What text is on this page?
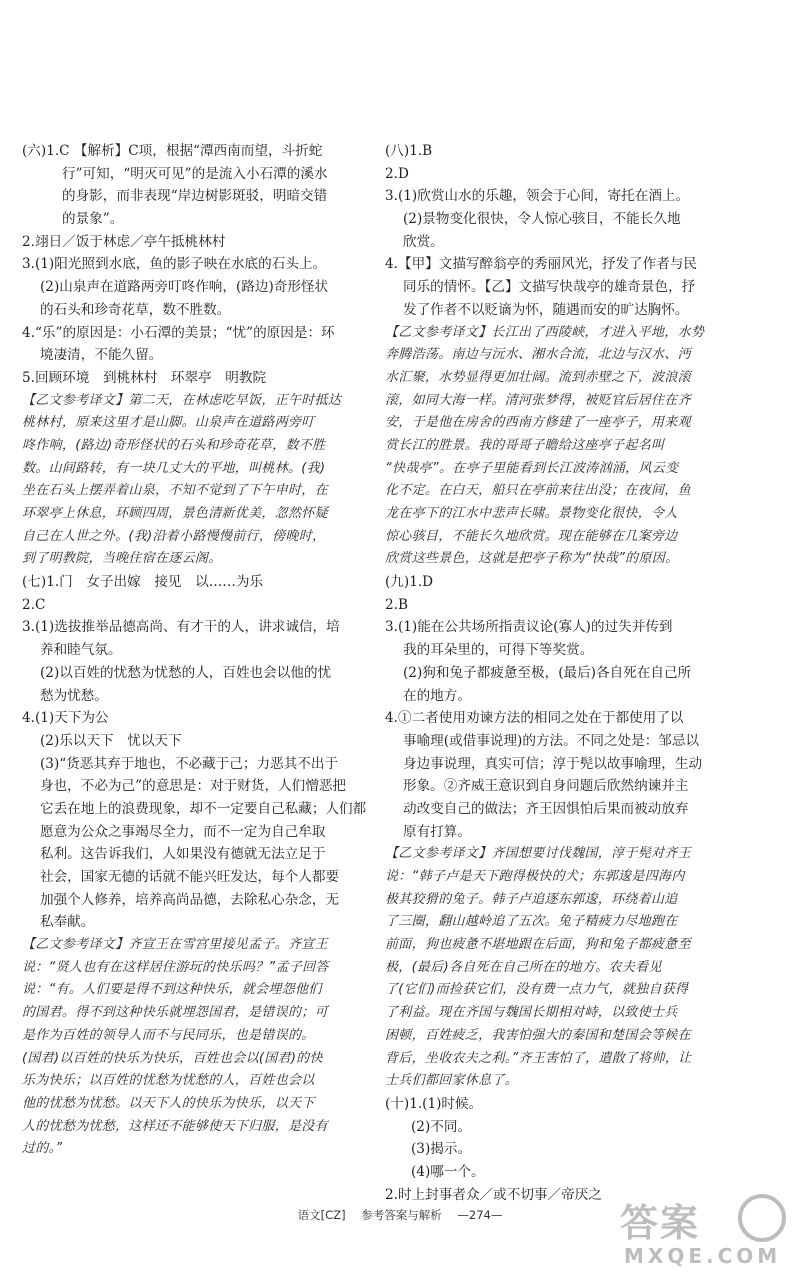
(六)1.C 【解析】C项，根据“潭西南而望，斗折蛇
行”可知，“明灭可见”的是流入小石潭的溪水
的身影，而非表现“岸边树影斑驳，明暗交错
的景象”。
2.翊日／饭于林虑／亭午抵桃林村
3.(1)阳光照到水底，鱼的影子映在水底的石头上。
(2)山泉声在道路两旁叮咚作响，(路边)奇形怪状
的石头和珍奇花草，数不胜数。
4.“乐”的原因是：小石潭的美景；“忧”的原因是：环
境凄清，不能久留。
5.回顾环境　到桃林村　环翠亭　明教院
【乙文参考译文】第二天，在林虑吃早饭，正午时抵达
桃林村，原来这里才是山脚。山泉声在道路两旁叮
咚作响，(路边)奇形怪状的石头和珍奇花草，数不胜
数。山间路转，有一块几丈大的平地，叫桃林。(我)
坐在石头上摆弄着山泉，不知不觉到了下午申时，在
环翠亭上休息，环顾四周，景色清新优美，忽然怀疑
自己在人世之外。(我)沿着小路慢慢前行，傍晚时，
到了明教院，当晚住宿在逐云阁。
(七)1.门　女子出嫁　接见　以……为乐
2.C
3.(1)选拔推举品德高尚、有才干的人，讲求诚信，培
养和睦气氛。
(2)以百姓的忧愁为忧愁的人，百姓也会以他的忧
愁为忧愁。
4.(1)天下为公
(2)乐以天下　忧以天下
(3)“货恶其弃于地也，不必藏于己；力恶其不出于
身也，不必为己”的意思是：对于财货，人们憎恶把
它丢在地上的浪费现象，却不一定要自己私藏；人们都
愿意为公众之事竭尽全力，而不一定为自己牟取
私利。这告诉我们，人如果没有德就无法立足于
社会，国家无德的话就不能兴旺发达，每个人都要
加强个人修养，培养高尚品德，去除私心杂念，无
私奉献。
【乙文参考译文】齐宣王在雪宫里接见孟子。齐宣王
说：“贤人也有在这样居住游玩的快乐吗？”孟子回答
说：“有。人们要是得不到这种快乐，就会埋怨他们
的国君。得不到这种快乐就埋怨国君，是错误的；可
是作为百姓的领导人而不与民同乐，也是错误的。
(国君)以百姓的快乐为快乐，百姓也会以(国君)的快
乐为快乐；以百姓的忧愁为忧愁的人，百姓也会以
他的忧愁为忧愁。以天下人的快乐为快乐，以天下
人的忧愁为忧愁，这样还不能够使天下归服，是没有
过的。”
(八)1.B
2.D
3.(1)欣赏山水的乐趣，领会于心间，寄托在酒上。
(2)景物变化很快，令人惊心骇目，不能长久地
欣赏。
4.【甲】文描写醉翁亭的秀丽风光，抒发了作者与民
同乐的情怀。【乙】文描写快哉亭的雄奇景色，抒
发了作者不以贬谪为怀，随遇而安的旷达胸怀。
【乙文参考译文】长江出了西陵峡，才进入平地，水势
奔腾浩荡。南边与沅水、湘水合流，北边与汉水、沔
水汇聚，水势显得更加壮阔。流到赤壁之下，波浪滚
滚，如同大海一样。清河张梦得，被贬官后居住在齐
安，于是他在房舍的西南方修建了一座亭子，用来观
赏长江的胜景。我的哥哥子瞻给这座亭子起名叫
“快哉亭”。在亭子里能看到长江波涛汹涌，风云变
化不定。在白天，船只在亭前来往出没；在夜间，鱼
龙在亭下的江水中悲声长啸。景物变化很快，令人
惊心骇目，不能长久地欣赏。现在能够在几案旁边
欣赏这些景色，这就是把亭子称为“快哉”的原因。
(九)1.D
2.B
3.(1)能在公共场所指责议论(寡人)的过失并传到
我的耳朵里的，可得下等奖赏。
(2)狗和兔子都疲惫至极，(最后)各自死在自己所
在的地方。
4.①二者使用劝谏方法的相同之处在于都使用了以
事喻理(或借事说理)的方法。不同之处是：邹忌以
身边事说理，真实可信；淳于髡以故事喻理，生动
形象。②齐威王意识到自身问题后欣然纳谏并主
动改变自己的做法；齐王因惧怕后果而被动放弃
原有打算。
【乙文参考译文】齐国想要讨伐魏国，淳于髡对齐王
说：“韩子卢是天下跑得极快的犬；东郭逡是四海内
极其狡猾的兔子。韩子卢追逐东郭逡，环绕着山追
了三圈，翻山越岭追了五次。兔子精疲力尽地跑在
前面，狗也疲惫不堪地跟在后面，狗和兔子都疲惫至
极，(最后)各自死在自己所在的地方。农夫看见
了(它们)而捡获它们，没有费一点力气，就独自获得
了利益。现在齐国与魏国长期相对峙，以致使士兵
困顿，百姓疲乏，我害怕强大的秦国和楚国会等候在
背后，坐收农夫之利。”齐王害怕了，遣散了将帅，让
士兵们都回家休息了。
(十)1.(1)时候。
(2)不同。
(3)揭示。
(4)哪一个。
2.时上封事者众／或不切事／帝厌之
语文[CZ] 参考答案与解析 —274—	答案
MXQE.COM
